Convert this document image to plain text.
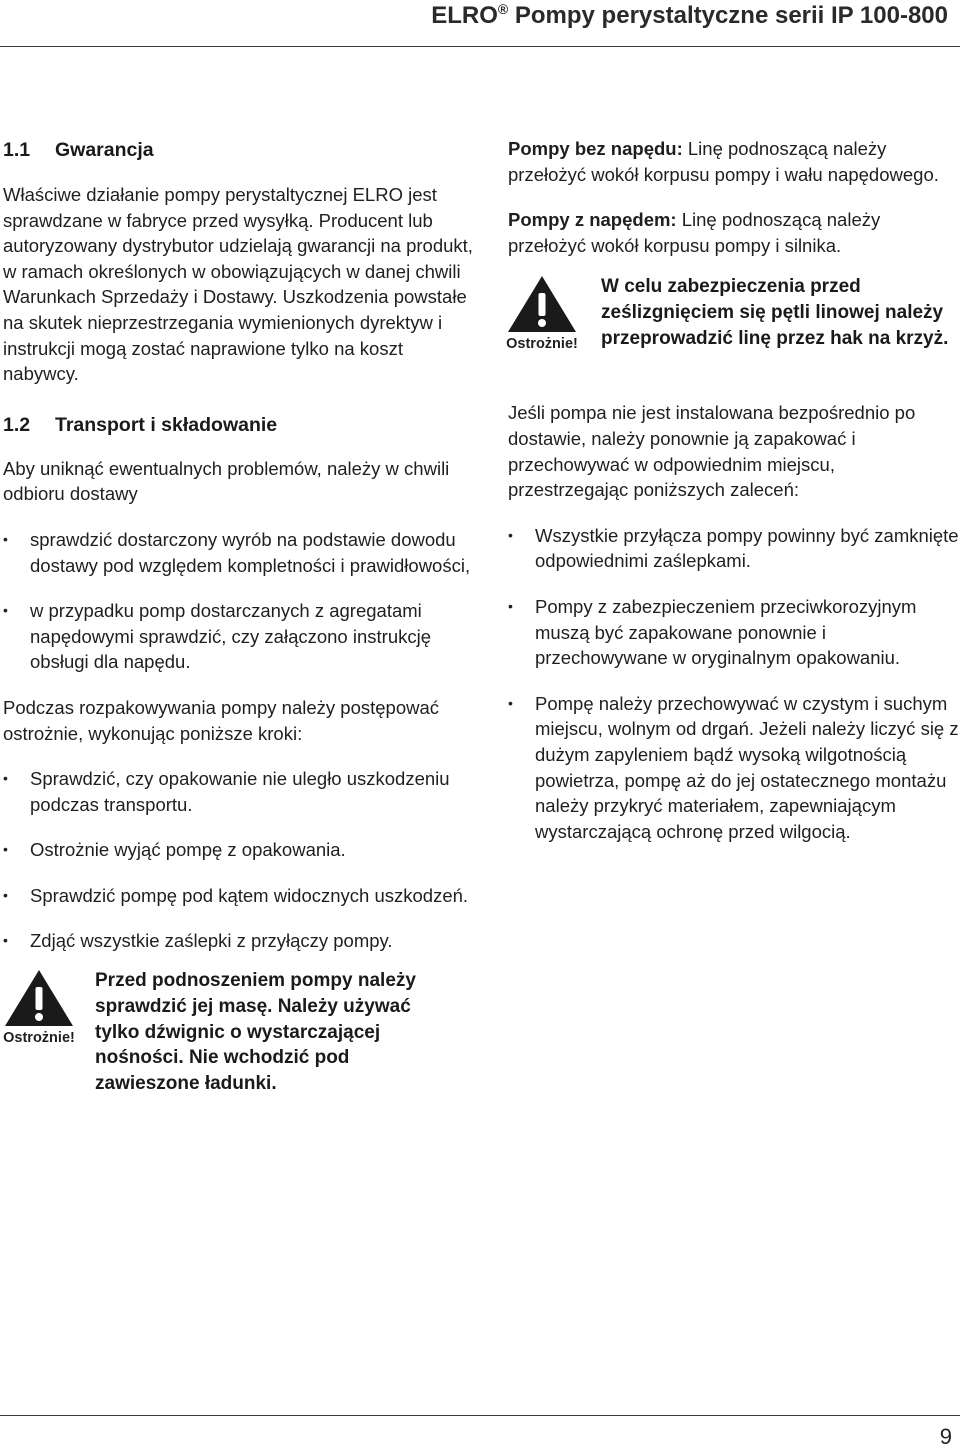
ELRO® Pompy perystaltyczne serii IP 100-800
1.1 Gwarancja

Właściwe działanie pompy perystaltycznej ELRO jest sprawdzane w fabryce przed wysyłką. Producent lub autoryzowany dystrybutor udzielają gwarancji na produkt, w ramach określonych w obowiązujących w danej chwili Warunkach Sprzedaży i Dostawy. Uszkodzenia powstałe na skutek nieprzestrzegania wymienionych dyrektyw i instrukcji mogą zostać naprawione tylko na koszt nabywcy.

1.2 Transport i składowanie

Aby uniknąć ewentualnych problemów, należy w chwili odbioru dostawy

• sprawdzić dostarczony wyrób na podstawie dowodu dostawy pod względem kompletności i prawidłowości,

• w przypadku pomp dostarczanych z agregatami napędowymi sprawdzić, czy załączono instrukcję obsługi dla napędu.

Podczas rozpakowywania pompy należy postępować ostrożnie, wykonując poniższe kroki:

• Sprawdzić, czy opakowanie nie uległo uszkodzeniu podczas transportu.

• Ostrożnie wyjąć pompę z opakowania.

• Sprawdzić pompę pod kątem widocznych uszkodzeń.

• Zdjąć wszystkie zaślepki z przyłączy pompy.

Ostrożnie!
Przed podnoszeniem pompy należy sprawdzić jej masę. Należy używać tylko dźwignic o wystarczającej nośności. Nie wchodzić pod zawieszone ładunki.

Pompy bez napędu: Linę podnoszącą należy przełożyć wokół korpusu pompy i wału napędowego.

Pompy z napędem: Linę podnoszącą należy przełożyć wokół korpusu pompy i silnika.

Ostrożnie!
W celu zabezpieczenia przed ześlizgnięciem się pętli linowej należy przeprowadzić linę przez hak na krzyż.

Jeśli pompa nie jest instalowana bezpośrednio po dostawie, należy ponownie ją zapakować i przechowywać w odpowiednim miejscu, przestrzegając poniższych zaleceń:

• Wszystkie przyłącza pompy powinny być zamknięte odpowiednimi zaślepkami.

• Pompy z zabezpieczeniem przeciwkorozyjnym muszą być zapakowane ponownie i przechowywane w oryginalnym opakowaniu.

• Pompę należy przechowywać w czystym i suchym miejscu, wolnym od drgań. Jeżeli należy liczyć się z dużym zapyleniem bądź wysoką wilgotnością powietrza, pompę aż do jej ostatecznego montażu należy przykryć materiałem, zapewniającym wystarczającą ochronę przed wilgocią.

9
